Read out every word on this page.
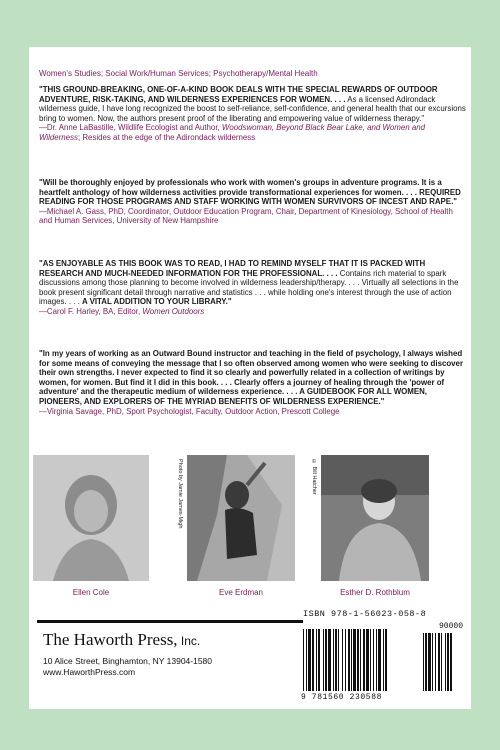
Women's Studies; Social Work/Human Services; Psychotherapy/Mental Health
"THIS GROUND-BREAKING, ONE-OF-A-KIND BOOK DEALS WITH THE SPECIAL REWARDS OF OUTDOOR ADVENTURE, RISK-TAKING, AND WILDERNESS EXPERIENCES FOR WOMEN. . . . As a licensed Adirondack wilderness guide, I have long recognized the boost to self-reliance, self-confidence, and general health that our excursions bring to women. Now, the authors present proof of the liberating and empowering value of wilderness therapy."
—Dr. Anne LaBastille, Wildlife Ecologist and Author, Woodswoman, Beyond Black Bear Lake, and Women and Wilderness; Resides at the edge of the Adirondack wilderness
"Will be thoroughly enjoyed by professionals who work with women's groups in adventure programs. It is a heartfelt anthology of how wilderness activities provide transformational experiences for women. . . . REQUIRED READING FOR THOSE PROGRAMS AND STAFF WORKING WITH WOMEN SURVIVORS OF INCEST AND RAPE."
—Michael A. Gass, PhD, Coordinator, Outdoor Education Program, Chair, Department of Kinesiology, School of Health and Human Services, University of New Hampshire
"AS ENJOYABLE AS THIS BOOK WAS TO READ, I HAD TO REMIND MYSELF THAT IT IS PACKED WITH RESEARCH AND MUCH-NEEDED INFORMATION FOR THE PROFESSIONAL. . . . Contains rich material to spark discussions among those planning to become involved in wilderness leadership/therapy. . . . Virtually all selections in the book present significant detail through narrative and statistics . . . while holding one's interest through the use of action images. . . . A VITAL ADDITION TO YOUR LIBRARY."
—Carol F. Harley, BA, Editor, Women Outdoors
"In my years of working as an Outward Bound instructor and teaching in the field of psychology, I always wished for some means of conveying the message that I so often observed among women who were seeking to discover their own strengths. I never expected to find it so clearly and powerfully related in a collection of writings by women, for women. But find it I did in this book. . . . Clearly offers a journey of healing through the 'power of adventure' and the therapeutic medium of wilderness experience. . . . A GUIDEBOOK FOR ALL WOMEN, PIONEERS, AND EXPLORERS OF THE MYRIAD BENEFITS OF WILDERNESS EXPERIENCE."
—Virginia Savage, PhD, Sport Psychologist, Faculty, Outdoor Action, Prescott College
Photo by Jamie James-Migh	© Bill Hatcher
Ellen Cole	Eve Erdman	Esther D. Rothblum
The Haworth Press, Inc.
10 Alice Street, Binghamton, NY 13904-1580
www.HaworthPress.com
ISBN 978-1-56023-058-8
90000
9 781560 230588
